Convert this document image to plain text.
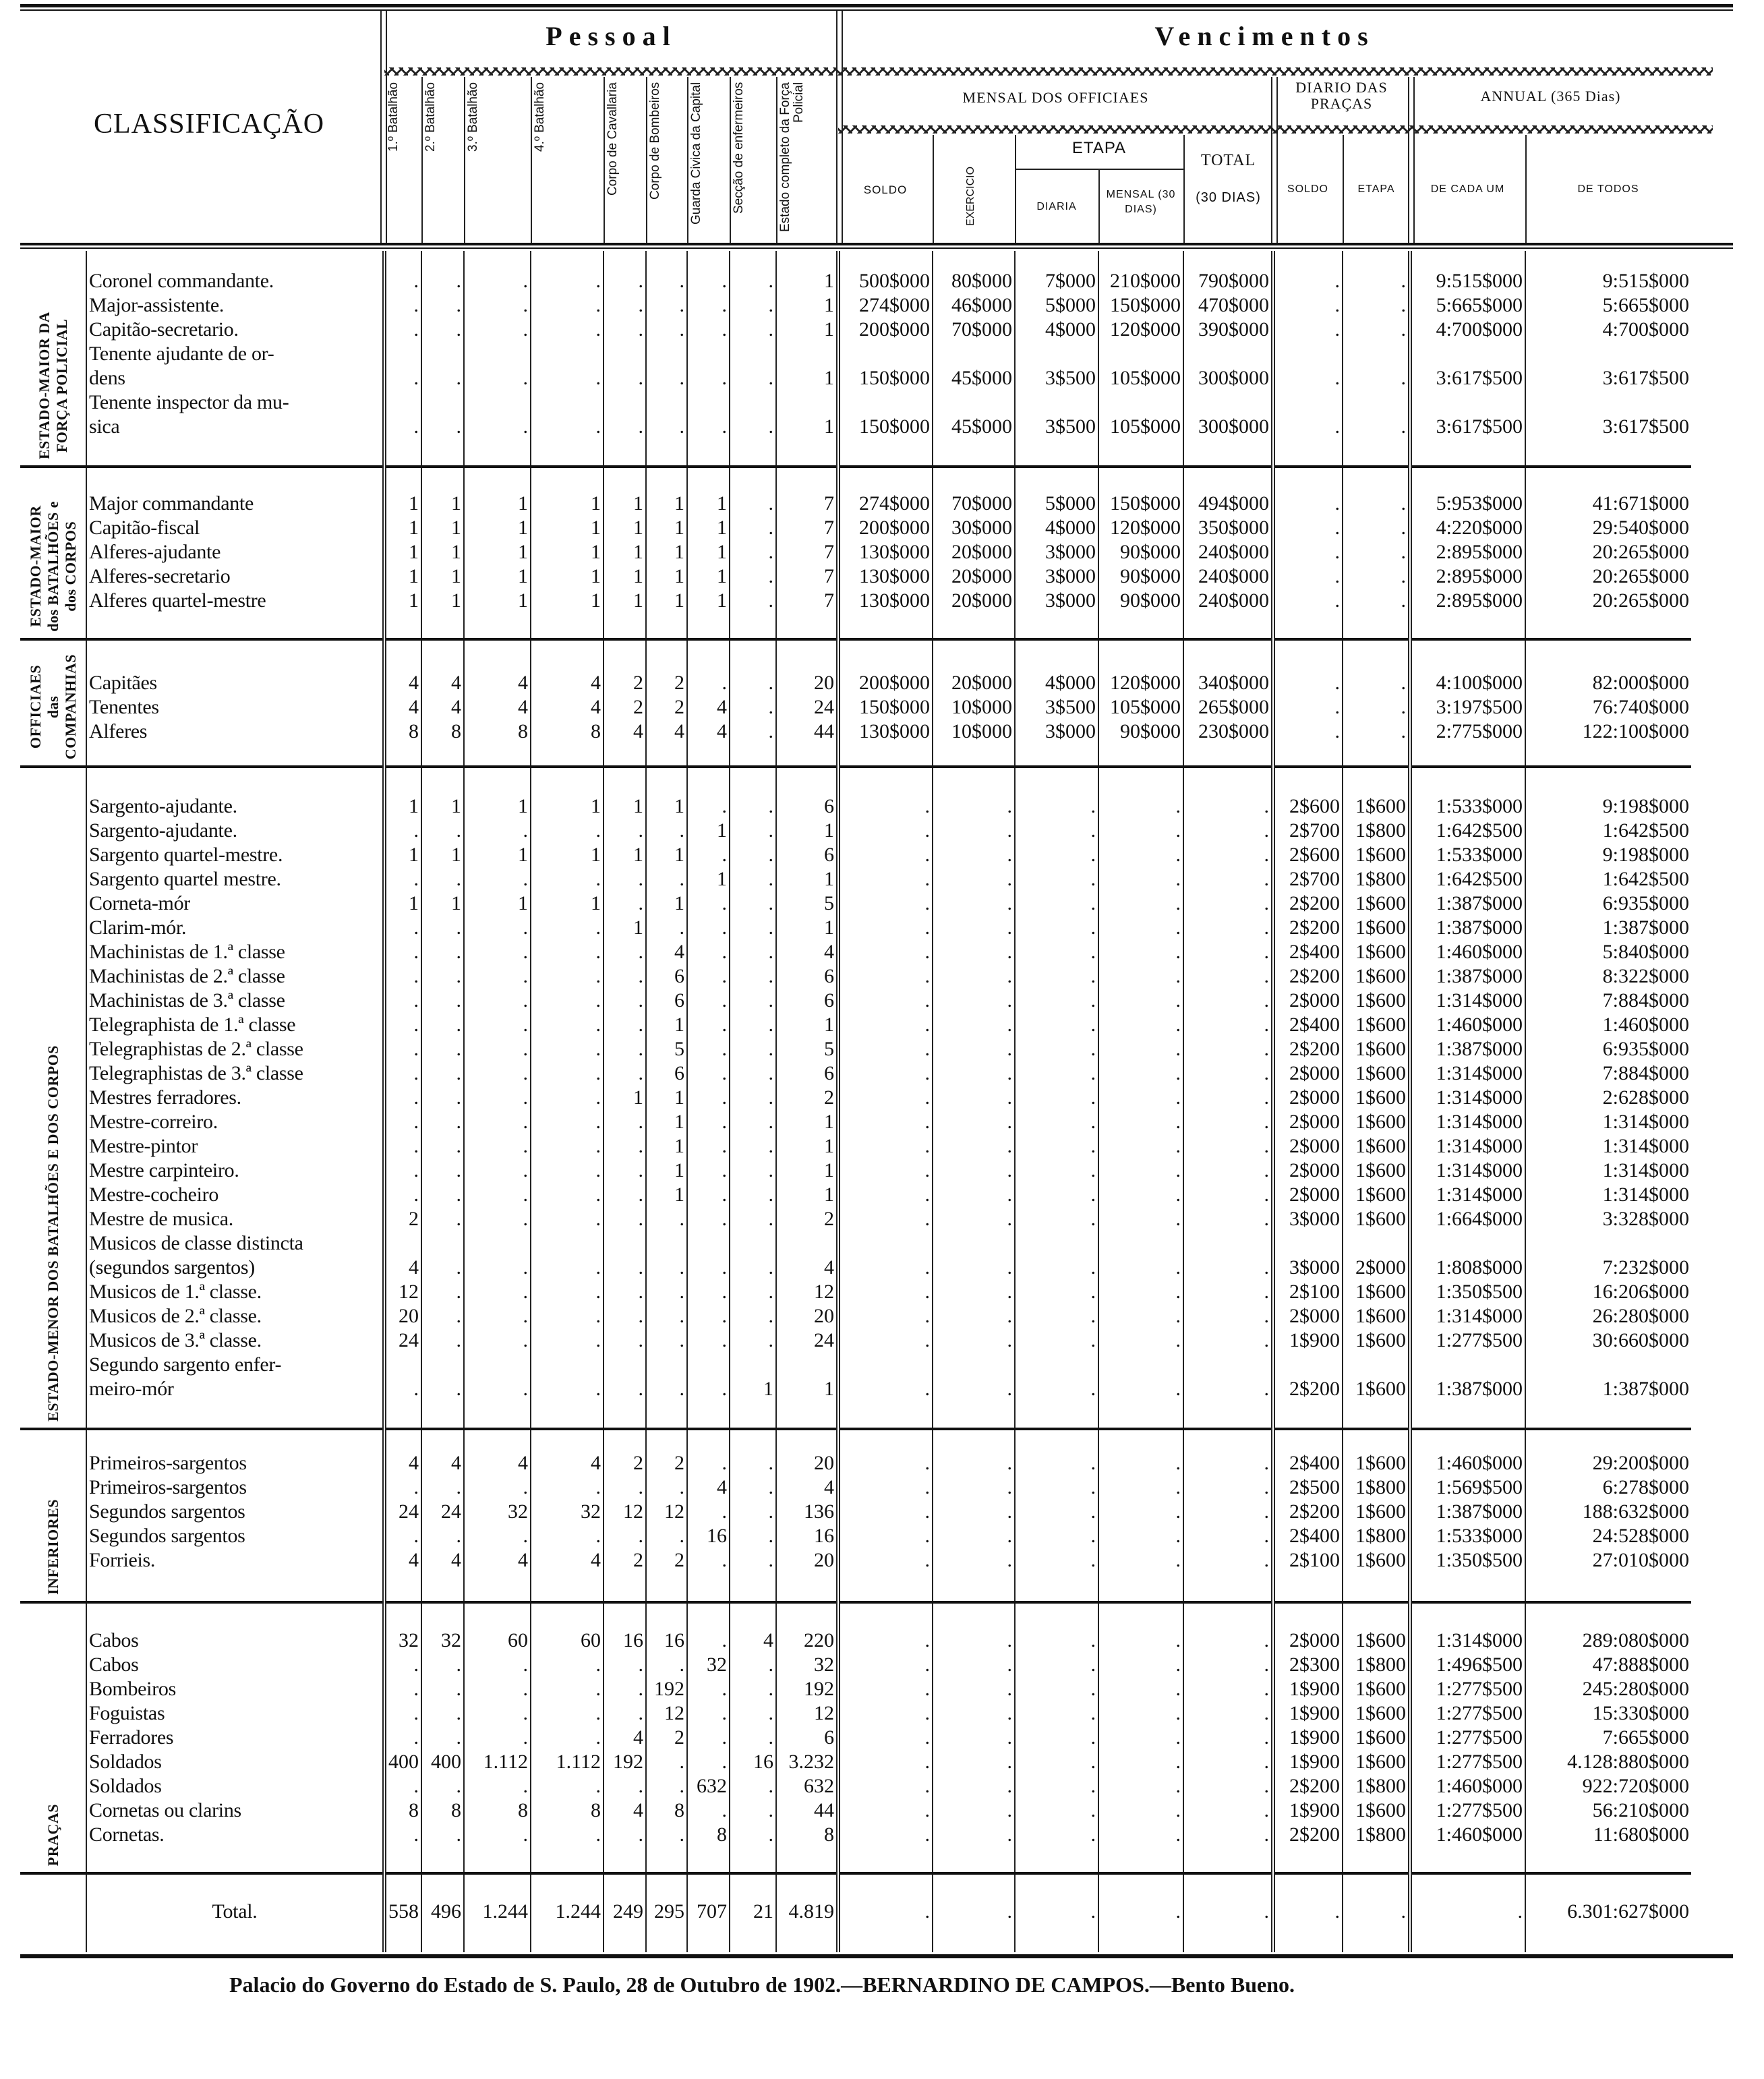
CLASSIFICAÇÃO
Pessoal	Vencimentos
MENSAL DOS OFFICIAES
DIARIO DAS PRAÇAS	ANNUAL (365 Dias)
SOLDO	EXERCICIO
ETAPA
DIARIA
MENSAL (30 DIAS)
TOTAL
(30 DIAS)
SOLDO	ETAPA	DE CADA UM	DE TODOS
1.º Batalhão	2.º Batalhão	3.º Batalhão	4.º Batalhão	Corpo de Cavallaria	Corpo de Bombeiros	Guarda Civica da Capital	Secção de enfermeiros	Estado completo da Força Policial
ESTADO-MAIOR DA
FORÇA POLICIAL																			
	Coronel commandante.	.	.	.	.	.	.	.	.	1	500$000	80$000	7$000	210$000	790$000	.	.	9:515$000	9:515$000
	Major-assistente.	.	.	.	.	.	.	.	.	1	274$000	46$000	5$000	150$000	470$000	.	.	5:665$000	5:665$000
	Capitão-secretario.	.	.	.	.	.	.	.	.	1	200$000	70$000	4$000	120$000	390$000	.	.	4:700$000	4:700$000
	Tenente ajudante de or-
dens	.	.	.	.	.	.	.	.	1	150$000	45$000	3$500	105$000	300$000	.	.	3:617$500	3:617$500
	Tenente inspector da mu-
sica	.	.	.	.	.	.	.	.	1	150$000	45$000	3$500	105$000	300$000	.	.	3:617$500	3:617$500

ESTADO-MAIOR
dos BATALHÕES e
dos CORPOS																			
	Major commandante	1	1	1	1	1	1	1	.	7	274$000	70$000	5$000	150$000	494$000	.	.	5:953$000	41:671$000
	Capitão-fiscal	1	1	1	1	1	1	1	.	7	200$000	30$000	4$000	120$000	350$000	.	.	4:220$000	29:540$000
	Alferes-ajudante	1	1	1	1	1	1	1	.	7	130$000	20$000	3$000	90$000	240$000	.	.	2:895$000	20:265$000
	Alferes-secretario	1	1	1	1	1	1	1	.	7	130$000	20$000	3$000	90$000	240$000	.	.	2:895$000	20:265$000
	Alferes quartel-mestre	1	1	1	1	1	1	1	.	7	130$000	20$000	3$000	90$000	240$000	.	.	2:895$000	20:265$000

OFFICIAES
das
COMPANHIAS																			
	Capitães	4	4	4	4	2	2	.	.	20	200$000	20$000	4$000	120$000	340$000	.	.	4:100$000	82:000$000
	Tenentes	4	4	4	4	2	2	4	.	24	150$000	10$000	3$500	105$000	265$000	.	.	3:197$500	76:740$000
	Alferes	8	8	8	8	4	4	4	.	44	130$000	10$000	3$000	90$000	230$000	.	.	2:775$000	122:100$000

ESTADO-MENOR DOS BATALHÕES E DOS CORPOS																			
	Sargento-ajudante.	1	1	1	1	1	1	.	.	6	.	.	.	.	.	2$600	1$600	1:533$000	9:198$000
	Sargento-ajudante.	.	.	.	.	.	.	1	.	1	.	.	.	.	.	2$700	1$800	1:642$500	1:642$500
	Sargento quartel-mestre.	1	1	1	1	1	1	.	.	6	.	.	.	.	.	2$600	1$600	1:533$000	9:198$000
	Sargento quartel mestre.	.	.	.	.	.	.	1	.	1	.	.	.	.	.	2$700	1$800	1:642$500	1:642$500
	Corneta-mór	1	1	1	1	.	1	.	.	5	.	.	.	.	.	2$200	1$600	1:387$000	6:935$000
	Clarim-mór.	.	.	.	.	1	.	.	.	1	.	.	.	.	.	2$200	1$600	1:387$000	1:387$000
	Machinistas de 1.ª classe	.	.	.	.	.	4	.	.	4	.	.	.	.	.	2$400	1$600	1:460$000	5:840$000
	Machinistas de 2.ª classe	.	.	.	.	.	6	.	.	6	.	.	.	.	.	2$200	1$600	1:387$000	8:322$000
	Machinistas de 3.ª classe	.	.	.	.	.	6	.	.	6	.	.	.	.	.	2$000	1$600	1:314$000	7:884$000
	Telegraphista de 1.ª classe	.	.	.	.	.	1	.	.	1	.	.	.	.	.	2$400	1$600	1:460$000	1:460$000
	Telegraphistas de 2.ª classe	.	.	.	.	.	5	.	.	5	.	.	.	.	.	2$200	1$600	1:387$000	6:935$000
	Telegraphistas de 3.ª classe	.	.	.	.	.	6	.	.	6	.	.	.	.	.	2$000	1$600	1:314$000	7:884$000
	Mestres ferradores.	.	.	.	.	1	1	.	.	2	.	.	.	.	.	2$000	1$600	1:314$000	2:628$000
	Mestre-correiro.	.	.	.	.	.	1	.	.	1	.	.	.	.	.	2$000	1$600	1:314$000	1:314$000
	Mestre-pintor	.	.	.	.	.	1	.	.	1	.	.	.	.	.	2$000	1$600	1:314$000	1:314$000
	Mestre carpinteiro.	.	.	.	.	.	1	.	.	1	.	.	.	.	.	2$000	1$600	1:314$000	1:314$000
	Mestre-cocheiro	.	.	.	.	.	1	.	.	1	.	.	.	.	.	2$000	1$600	1:314$000	1:314$000
	Mestre de musica.	2	.	.	.	.	.	.	.	2	.	.	.	.	.	3$000	1$600	1:664$000	3:328$000
	Musicos de classe distincta
(segundos sargentos)	4	.	.	.	.	.	.	.	4	.	.	.	.	.	3$000	2$000	1:808$000	7:232$000
	Musicos de 1.ª classe.	12	.	.	.	.	.	.	.	12	.	.	.	.	.	2$100	1$600	1:350$500	16:206$000
	Musicos de 2.ª classe.	20	.	.	.	.	.	.	.	20	.	.	.	.	.	2$000	1$600	1:314$000	26:280$000
	Musicos de 3.ª classe.	24	.	.	.	.	.	.	.	24	.	.	.	.	.	1$900	1$600	1:277$500	30:660$000
	Segundo sargento enfer-
meiro-mór	.	.	.	.	.	.	.	1	1	.	.	.	.	.	2$200	1$600	1:387$000	1:387$000

INFERIORES																			
	Primeiros-sargentos	4	4	4	4	2	2	.	.	20	.	.	.	.	.	2$400	1$600	1:460$000	29:200$000
	Primeiros-sargentos	.	.	.	.	.	.	4	.	4	.	.	.	.	.	2$500	1$800	1:569$500	6:278$000
	Segundos sargentos	24	24	32	32	12	12	.	.	136	.	.	.	.	.	2$200	1$600	1:387$000	188:632$000
	Segundos sargentos	.	.	.	.	.	.	16	.	16	.	.	.	.	.	2$400	1$800	1:533$000	24:528$000
	Forrieis.	4	4	4	4	2	2	.	.	20	.	.	.	.	.	2$100	1$600	1:350$500	27:010$000

PRAÇAS																			
	Cabos	32	32	60	60	16	16	.	4	220	.	.	.	.	.	2$000	1$600	1:314$000	289:080$000
	Cabos	.	.	.	.	.	.	32	.	32	.	.	.	.	.	2$300	1$800	1:496$500	47:888$000
	Bombeiros	.	.	.	.	.	192	.	.	192	.	.	.	.	.	1$900	1$600	1:277$500	245:280$000
	Foguistas	.	.	.	.	.	12	.	.	12	.	.	.	.	.	1$900	1$600	1:277$500	15:330$000
	Ferradores	.	.	.	.	4	2	.	.	6	.	.	.	.	.	1$900	1$600	1:277$500	7:665$000
	Soldados	400	400	1.112	1.112	192	.	.	16	3.232	.	.	.	.	.	1$900	1$600	1:277$500	4.128:880$000
	Soldados	.	.	.	.	.	.	632	.	632	.	.	.	.	.	2$200	1$800	1:460$000	922:720$000
	Cornetas ou clarins	8	8	8	8	4	8	.	.	44	.	.	.	.	.	1$900	1$600	1:277$500	56:210$000
	Cornetas.	.	.	.	.	.	.	8	.	8	.	.	.	.	.	2$200	1$800	1:460$000	11:680$000

	Total.	558	496	1.244	1.244	249	295	707	21	4.819	.	.	.	.	.	.	.	.	6.301:627$000

Palacio do Governo do Estado de S. Paulo, 28 de Outubro de 1902.—BERNARDINO DE CAMPOS.—Bento Bueno.
